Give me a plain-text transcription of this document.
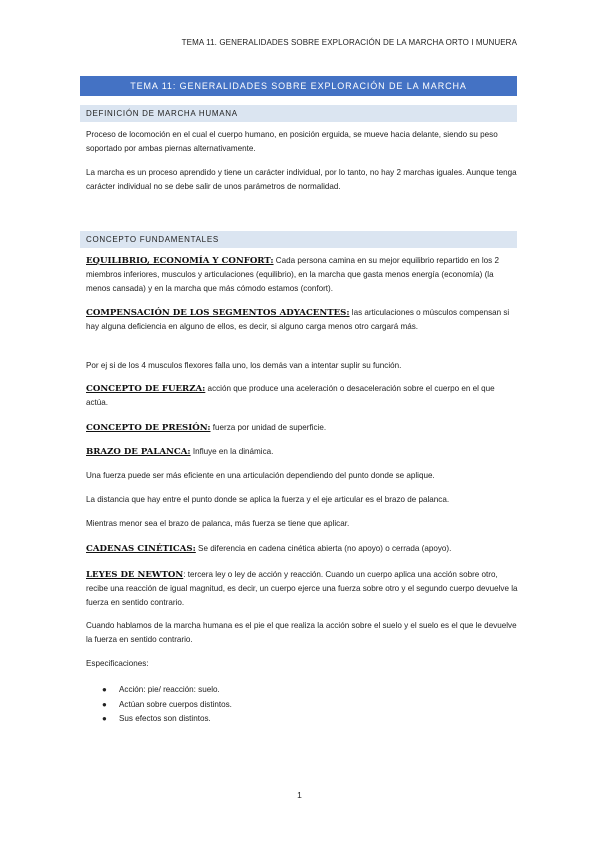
TEMA 11. GENERALIDADES SOBRE EXPLORACIÓN DE LA MARCHA ORTO I MUNUERA
TEMA 11: GENERALIDADES SOBRE EXPLORACIÓN DE LA MARCHA
DEFINICIÓN DE MARCHA HUMANA
Proceso de locomoción en el cual el cuerpo humano, en posición erguida, se mueve hacia delante, siendo su peso soportado por ambas piernas alternativamente.
La marcha es un proceso aprendido y tiene un carácter individual, por lo tanto, no hay 2 marchas iguales. Aunque tenga carácter individual no se debe salir de unos parámetros de normalidad.
CONCEPTO FUNDAMENTALES
EQUILIBRIO, ECONOMÍA Y CONFORT: Cada persona camina en su mejor equilibrio repartido en los 2 miembros inferiores, musculos y articulaciones (equilibrio), en la marcha que gasta menos energía (economía) (la menos cansada) y en la marcha que más cómodo estamos (confort).
COMPENSACIÓN DE LOS SEGMENTOS ADYACENTES: las articulaciones o músculos compensan si hay alguna deficiencia en alguno de ellos, es decir, si alguno carga menos otro cargará más.
Por ej si de los 4 musculos flexores falla uno, los demás van a intentar suplir su función.
CONCEPTO DE FUERZA: acción que produce una aceleración o desaceleración sobre el cuerpo en el que actúa.
CONCEPTO DE PRESIÓN: fuerza por unidad de superficie.
BRAZO DE PALANCA: Influye en la dinámica.
Una fuerza puede ser más eficiente en una articulación dependiendo del punto donde se aplique.
La distancia que hay entre el punto donde se aplica la fuerza y el eje articular es el brazo de palanca.
Mientras menor sea el brazo de palanca, más fuerza se tiene que aplicar.
CADENAS CINÉTICAS: Se diferencia en cadena cinética abierta (no apoyo) o cerrada (apoyo).
LEYES DE NEWTON: tercera ley o ley de acción y reacción. Cuando un cuerpo aplica una acción sobre otro, recibe una reacción de igual magnitud, es decir, un cuerpo ejerce una fuerza sobre otro y el segundo cuerpo devuelve la fuerza en sentido contrario.
Cuando hablamos de la marcha humana es el pie el que realiza la acción sobre el suelo y el suelo es el que le devuelve la fuerza en sentido contrario.
Especificaciones:
● Acción: pie/ reacción: suelo.
● Actúan sobre cuerpos distintos.
● Sus efectos son distintos.
1
